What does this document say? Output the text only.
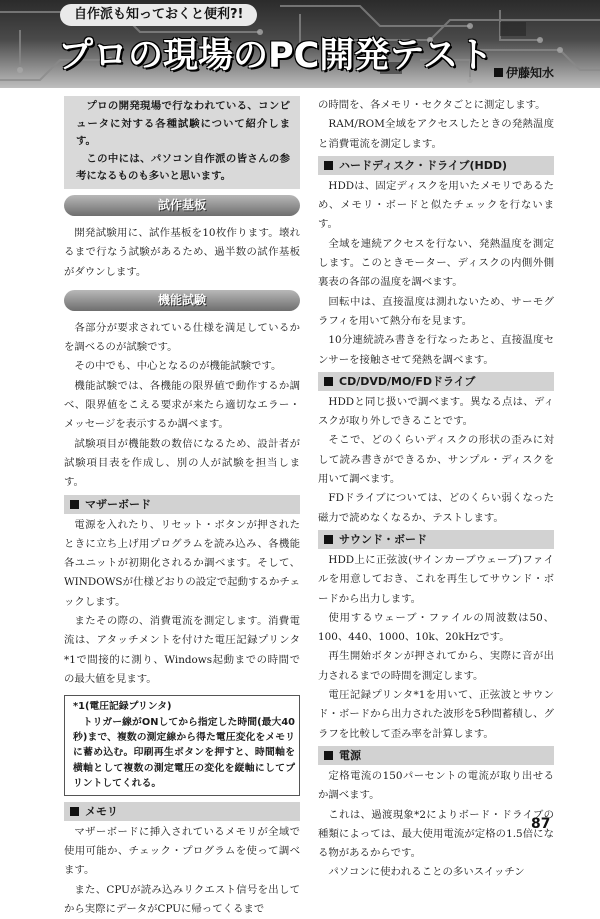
自作派も知っておくと便利?!
プロの現場のPC開発テスト	伊藤知水

プロの開発現場で行なわれている、コンピュータに対する各種試験について紹介します。

この中には、パソコン自作派の皆さんの参考になるものも多いと思います。

試作基板

開発試験用に、試作基板を10枚作ります。壊れるまで行なう試験があるため、過半数の試作基板がダウンします。

機能試験

各部分が要求されている仕様を満足しているかを調べるのが試験です。

その中でも、中心となるのが機能試験です。

機能試験では、各機能の限界値で動作するか調べ、限界値をこえる要求が来たら適切なエラー・メッセージを表示するか調べます。

試験項目が機能数の数倍になるため、設計者が試験項目表を作成し、別の人が試験を担当します。

マザーボード

電源を入れたり、リセット・ボタンが押されたときに立ち上げ用プログラムを読み込み、各機能各ユニットが初期化されるか調べます。そして、WINDOWSが仕様どおりの設定で起動するかチェックします。

またその際の、消費電流を測定します。消費電流は、アタッチメントを付けた電圧記録プリンタ*1で間接的に測り、Windows起動までの時間での最大値を見ます。

*1(電圧記録プリンタ)
トリガー線がONしてから指定した時間(最大40秒)まで、複数の測定線から得た電圧変化をメモリに蓄め込む。印刷再生ボタンを押すと、時間軸を横軸として複数の測定電圧の変化を縦軸にしてプリントしてくれる。
メモリ

マザーボードに挿入されているメモリが全域で使用可能か、チェック・プログラムを使って調べます。

また、CPUが読み込みリクエスト信号を出してから実際にデータがCPUに帰ってくるまで

の時間を、各メモリ・セクタごとに測定します。

RAM/ROM全域をアクセスしたときの発熱温度と消費電流を測定します。

ハードディスク・ドライブ(HDD)

HDDは、固定ディスクを用いたメモリであるため、メモリ・ボードと似たチェックを行ないます。

全域を連続アクセスを行ない、発熱温度を測定します。このときモーター、ディスクの内側外側裏表の各部の温度を調べます。

回転中は、直接温度は測れないため、サーモグラフィを用いて熱分布を見ます。

10分連続読み書きを行なったあと、直接温度センサーを接触させて発熱を調べます。

CD/DVD/MO/FDドライブ

HDDと同じ扱いで調べます。異なる点は、ディスクが取り外しできることです。

そこで、どのくらいディスクの形状の歪みに対して読み書きができるか、サンプル・ディスクを用いて調べます。

FDドライブについては、どのくらい弱くなった磁力で読めなくなるか、テストします。

サウンド・ボード

HDD上に正弦波(サインカーブウェーブ)ファイルを用意しておき、これを再生してサウンド・ボードから出力します。

使用するウェーブ・ファイルの周波数は50、100、440、1000、10k、20kHzです。

再生開始ボタンが押されてから、実際に音が出力されるまでの時間を測定します。

電圧記録プリンタ*1を用いて、正弦波とサウンド・ボードから出力された波形を5秒間蓄積し、グラフを比較して歪み率を計算します。

電源

定格電流の150パーセントの電流が取り出せるか調べます。

これは、過渡現象*2によりボード・ドライブの種類によっては、最大使用電流が定格の1.5倍になる物があるからです。

パソコンに使われることの多いスイッチン

87
